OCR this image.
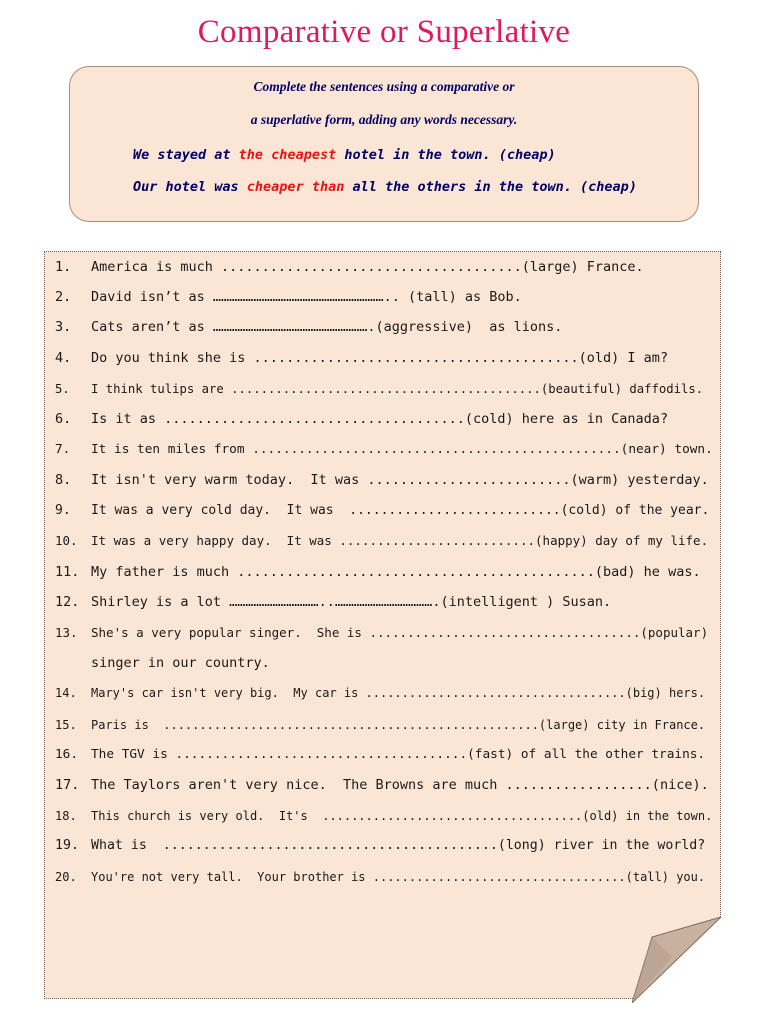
Comparative or Superlative
Complete the sentences using a comparative or
a superlative form, adding any words necessary.
We stayed at the cheapest hotel in the town. (cheap)
Our hotel was cheaper than all the others in the town. (cheap)
1. America is much .....................................(large) France.
2. David isn’t as ……………………………………………………….. (tall) as Bob.
3. Cats aren’t as ………………………………………………….(aggressive)  as lions.
4. Do you think she is ........................................(old) I am?
5. I think tulips are ..........................................(beautiful) daffodils.
6. Is it as .....................................(cold) here as in Canada?
7. It is ten miles from ................................................(near) town.
8. It isn't very warm today.  It was .........................(warm) yesterday.
9. It was a very cold day.  It was  ...........................(cold) of the year.
10. It was a very happy day.  It was ..........................(happy) day of my life.
11. My father is much ............................................(bad) he was.
12. Shirley is a lot ……………………………..……………………………….(intelligent ) Susan.
13. She's a very popular singer.  She is ....................................(popular)
singer in our country.
14. Mary's car isn't very big.  My car is ....................................(big) hers.
15. Paris is  ....................................................(large) city in France.
16. The TGV is ......................................(fast) of all the other trains.
17. The Taylors aren't very nice.  The Browns are much ..................(nice).
18. This church is very old.  It's  ....................................(old) in the town.
19. What is  ..........................................(long) river in the world?
20. You're not very tall.  Your brother is ...................................(tall) you.
